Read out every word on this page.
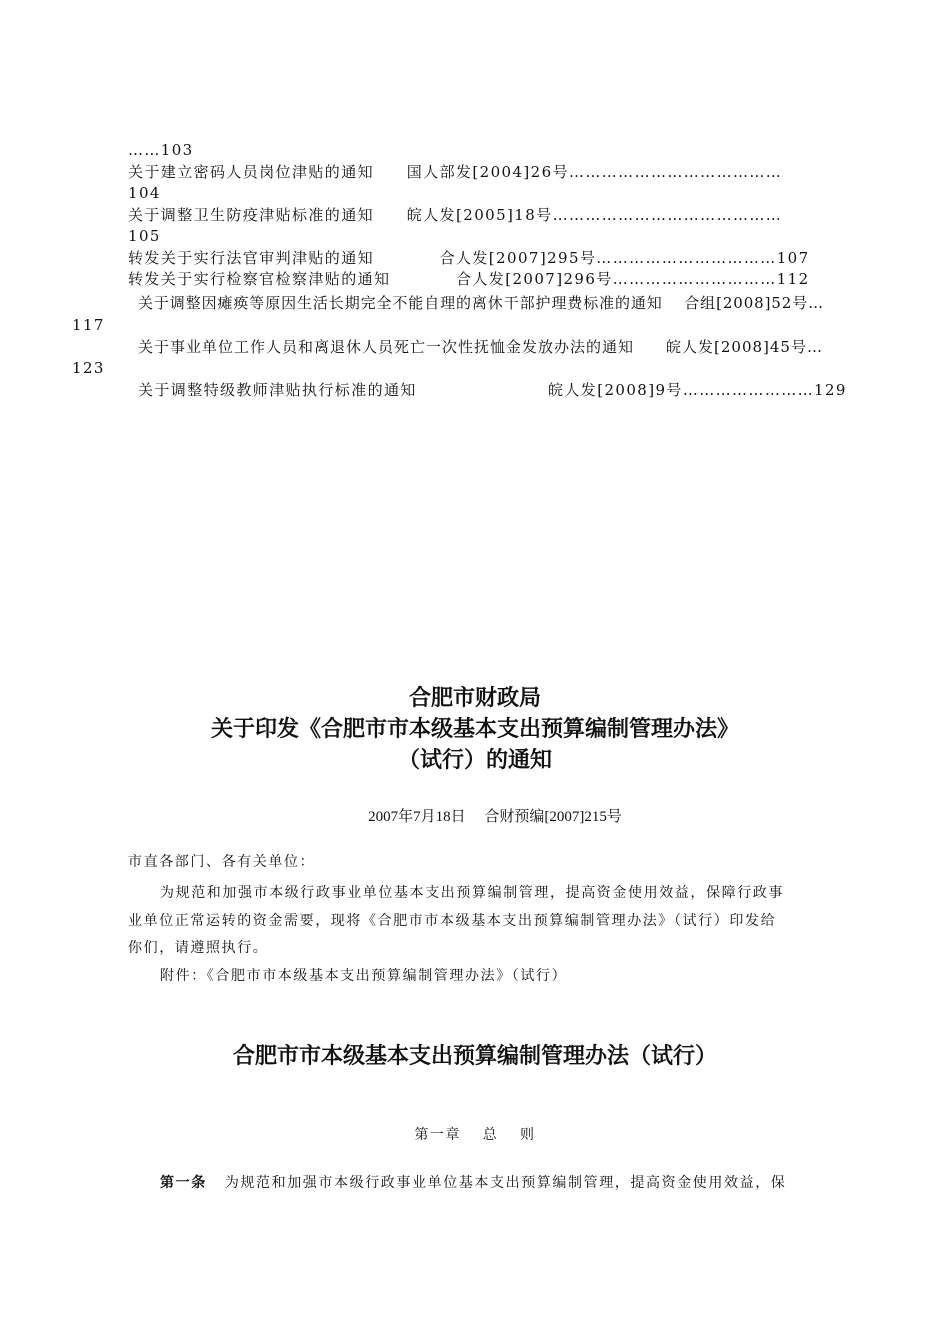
……103
关于建立密码人员岗位津贴的通知　　国人部发[2004]26号…………………………………
104
关于调整卫生防疫津贴标准的通知　　皖人发[2005]18号……………………………………
105
转发关于实行法官审判津贴的通知　　　　合人发[2007]295号……………………………107
转发关于实行检察官检察津贴的通知　　　　合人发[2007]296号…………………………112
关于调整因瘫痪等原因生活长期完全不能自理的离休干部护理费标准的通知　 合组[2008]52号…
117
关于事业单位工作人员和离退休人员死亡一次性抚恤金发放办法的通知　　皖人发[2008]45号…
123
关于调整特级教师津贴执行标准的通知　　　　　　　　皖人发[2008]9号……………………129
合肥市财政局
关于印发《合肥市市本级基本支出预算编制管理办法》
（试行）的通知
2007年7月18日　 合财预编[2007]215号
市直各部门、各有关单位：
为规范和加强市本级行政事业单位基本支出预算编制管理，提高资金使用效益，保障行政事
业单位正常运转的资金需要，现将《合肥市市本级基本支出预算编制管理办法》（试行）印发给
你们，请遵照执行。
附件：《合肥市市本级基本支出预算编制管理办法》（试行）
合肥市市本级基本支出预算编制管理办法（试行）
第一章　 总　 则
第一条 为规范和加强市本级行政事业单位基本支出预算编制管理，提高资金使用效益，保
